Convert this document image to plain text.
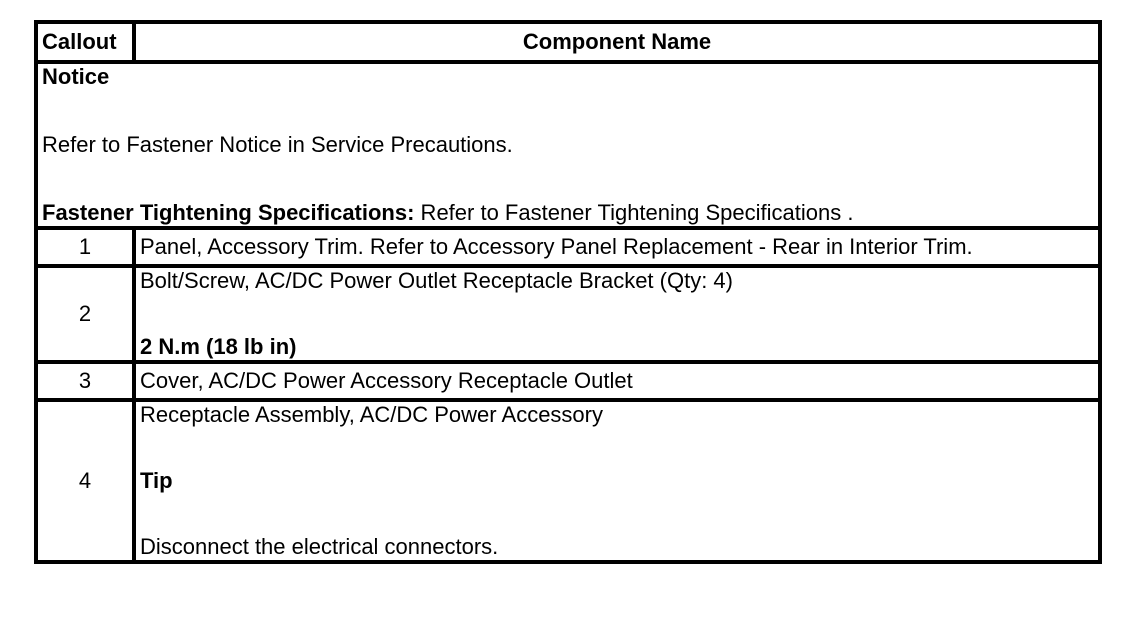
Callout	Component Name

Notice

Refer to Fastener Notice in Service Precautions.

Fastener Tightening Specifications: Refer to Fastener Tightening Specifications .	

1	Panel, Accessory Trim. Refer to Accessory Panel Replacement - Rear in Interior Trim.
2	Bolt/Screw, AC/DC Power Outlet Receptacle Bracket (Qty: 4)

2 N.m (18 lb in)

3	Cover, AC/DC Power Accessory Receptacle Outlet
4	Receptacle Assembly, AC/DC Power Accessory

Tip

Disconnect the electrical connectors.
